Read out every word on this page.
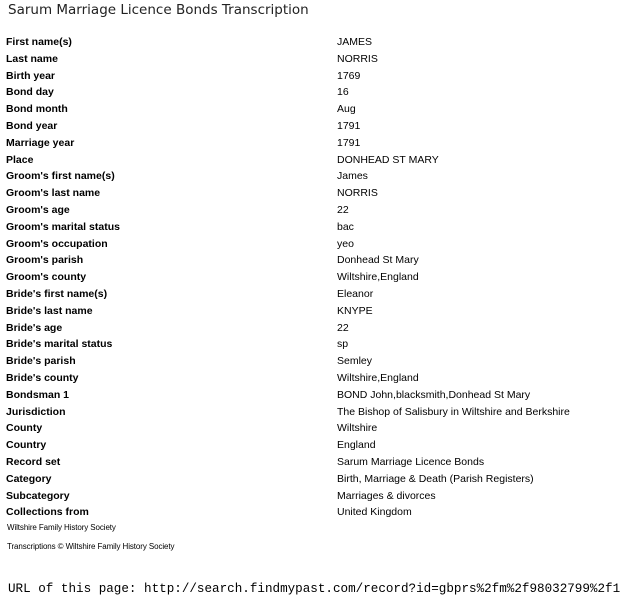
Sarum Marriage Licence Bonds Transcription
First name(s)	JAMES
Last name	NORRIS
Birth year	1769
Bond day	16
Bond month	Aug
Bond year	1791
Marriage year	1791
Place	DONHEAD ST MARY
Groom's first name(s)	James
Groom's last name	NORRIS
Groom's age	22
Groom's marital status	bac
Groom's occupation	yeo
Groom's parish	Donhead St Mary
Groom's county	Wiltshire,England
Bride's first name(s)	Eleanor
Bride's last name	KNYPE
Bride's age	22
Bride's marital status	sp
Bride's parish	Semley
Bride's county	Wiltshire,England
Bondsman 1	BOND John,blacksmith,Donhead St Mary
Jurisdiction	The Bishop of Salisbury in Wiltshire and Berkshire
County	Wiltshire
Country	England
Record set	Sarum Marriage Licence Bonds
Category	Birth, Marriage & Death (Parish Registers)
Subcategory	Marriages & divorces
Collections from	United Kingdom
Wiltshire Family History Society
Transcriptions © Wiltshire Family History Society
URL of this page: http://search.findmypast.com/record?id=gbprs%2fm%2f98032799%2f1
